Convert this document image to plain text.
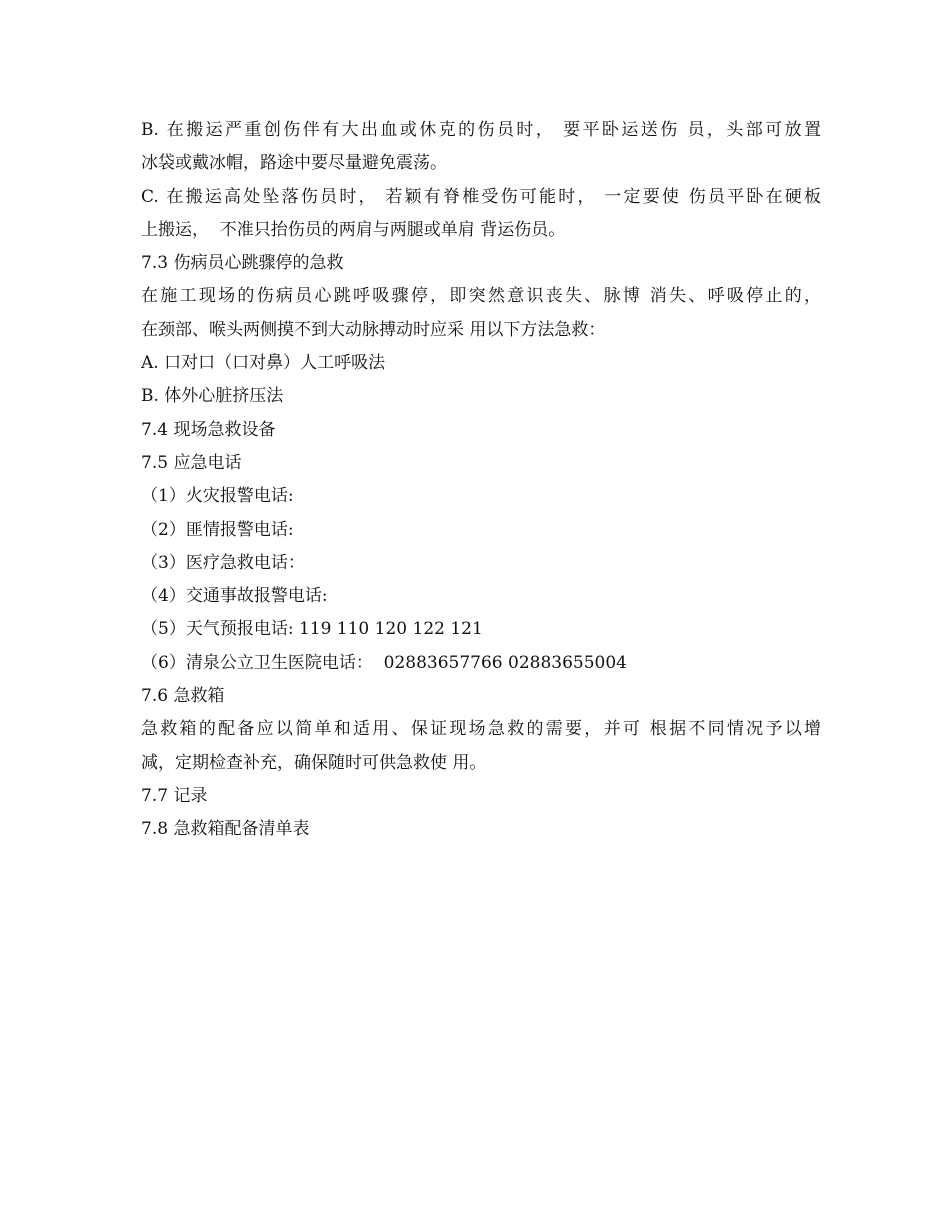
B. 在搬运严重创伤伴有大出血或休克的伤员时， 要平卧运送伤 员，头部可放置
冰袋或戴冰帽，路途中要尽量避免震荡。
C. 在搬运高处坠落伤员时， 若颖有脊椎受伤可能时， 一定要使 伤员平卧在硬板
上搬运，  不准只抬伤员的两肩与两腿或单肩 背运伤员。
7.3 伤病员心跳骤停的急救
在施工现场的伤病员心跳呼吸骤停，即突然意识丧失、脉博 消失、呼吸停止的，
在颈部、喉头两侧摸不到大动脉搏动时应采 用以下方法急救：
A. 口对口（口对鼻）人工呼吸法
B. 体外心脏挤压法
7.4 现场急救设备
7.5 应急电话
（1）火灾报警电话:
（2）匪情报警电话:
（3）医疗急救电话：
（4）交通事故报警电话:
（5）天气预报电话: 119 110 120 122 121
（6）清泉公立卫生医院电话：  02883657766 02883655004
7.6 急救箱
急救箱的配备应以简单和适用、保证现场急救的需要，并可 根据不同情况予以增
减，定期检查补充，确保随时可供急救使 用。
7.7 记录
7.8 急救箱配备清单表
